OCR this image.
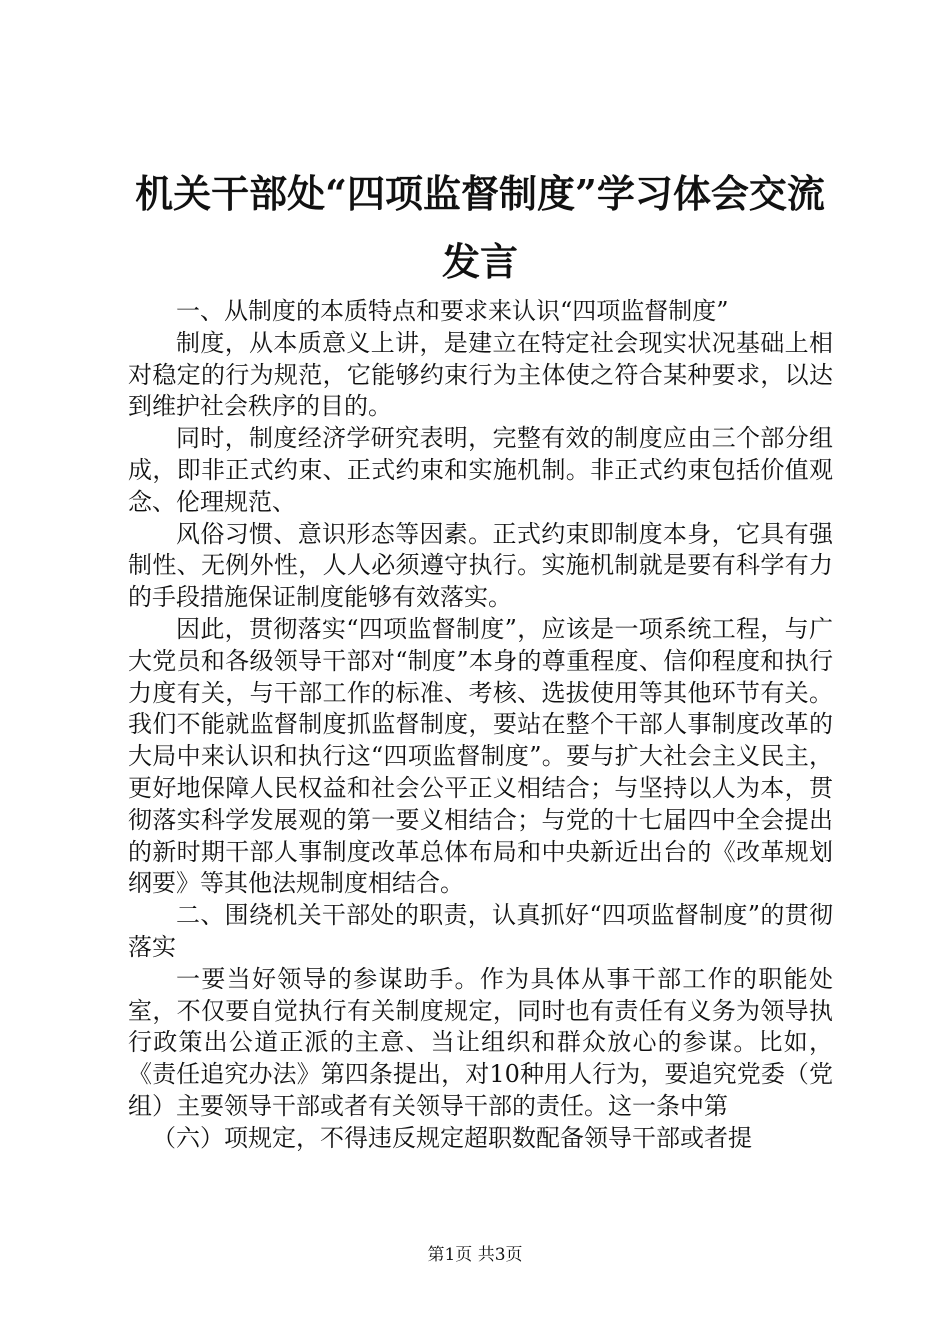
机关干部处“四项监督制度”学习体会交流发言

一、从制度的本质特点和要求来认识“四项监督制度”

制度，从本质意义上讲，是建立在特定社会现实状况基础上相对稳定的行为规范，它能够约束行为主体使之符合某种要求，以达到维护社会秩序的目的。

同时，制度经济学研究表明，完整有效的制度应由三个部分组成，即非正式约束、正式约束和实施机制。非正式约束包括价值观念、伦理规范、

风俗习惯、意识形态等因素。正式约束即制度本身，它具有强制性、无例外性，人人必须遵守执行。实施机制就是要有科学有力的手段措施保证制度能够有效落实。

因此，贯彻落实“四项监督制度”，应该是一项系统工程，与广大党员和各级领导干部对“制度”本身的尊重程度、信仰程度和执行力度有关，与干部工作的标准、考核、选拔使用等其他环节有关。我们不能就监督制度抓监督制度，要站在整个干部人事制度改革的大局中来认识和执行这“四项监督制度”。要与扩大社会主义民主，更好地保障人民权益和社会公平正义相结合；与坚持以人为本，贯彻落实科学发展观的第一要义相结合；与党的十七届四中全会提出的新时期干部人事制度改革总体布局和中央新近出台的《改革规划纲要》等其他法规制度相结合。

二、围绕机关干部处的职责，认真抓好“四项监督制度”的贯彻落实

一要当好领导的参谋助手。作为具体从事干部工作的职能处室，不仅要自觉执行有关制度规定，同时也有责任有义务为领导执行政策出公道正派的主意、当让组织和群众放心的参谋。比如，《责任追究办法》第四条提出，对10种用人行为，要追究党委（党组）主要领导干部或者有关领导干部的责任。这一条中第

（六）项规定，不得违反规定超职数配备领导干部或者提

第1页 共3页
